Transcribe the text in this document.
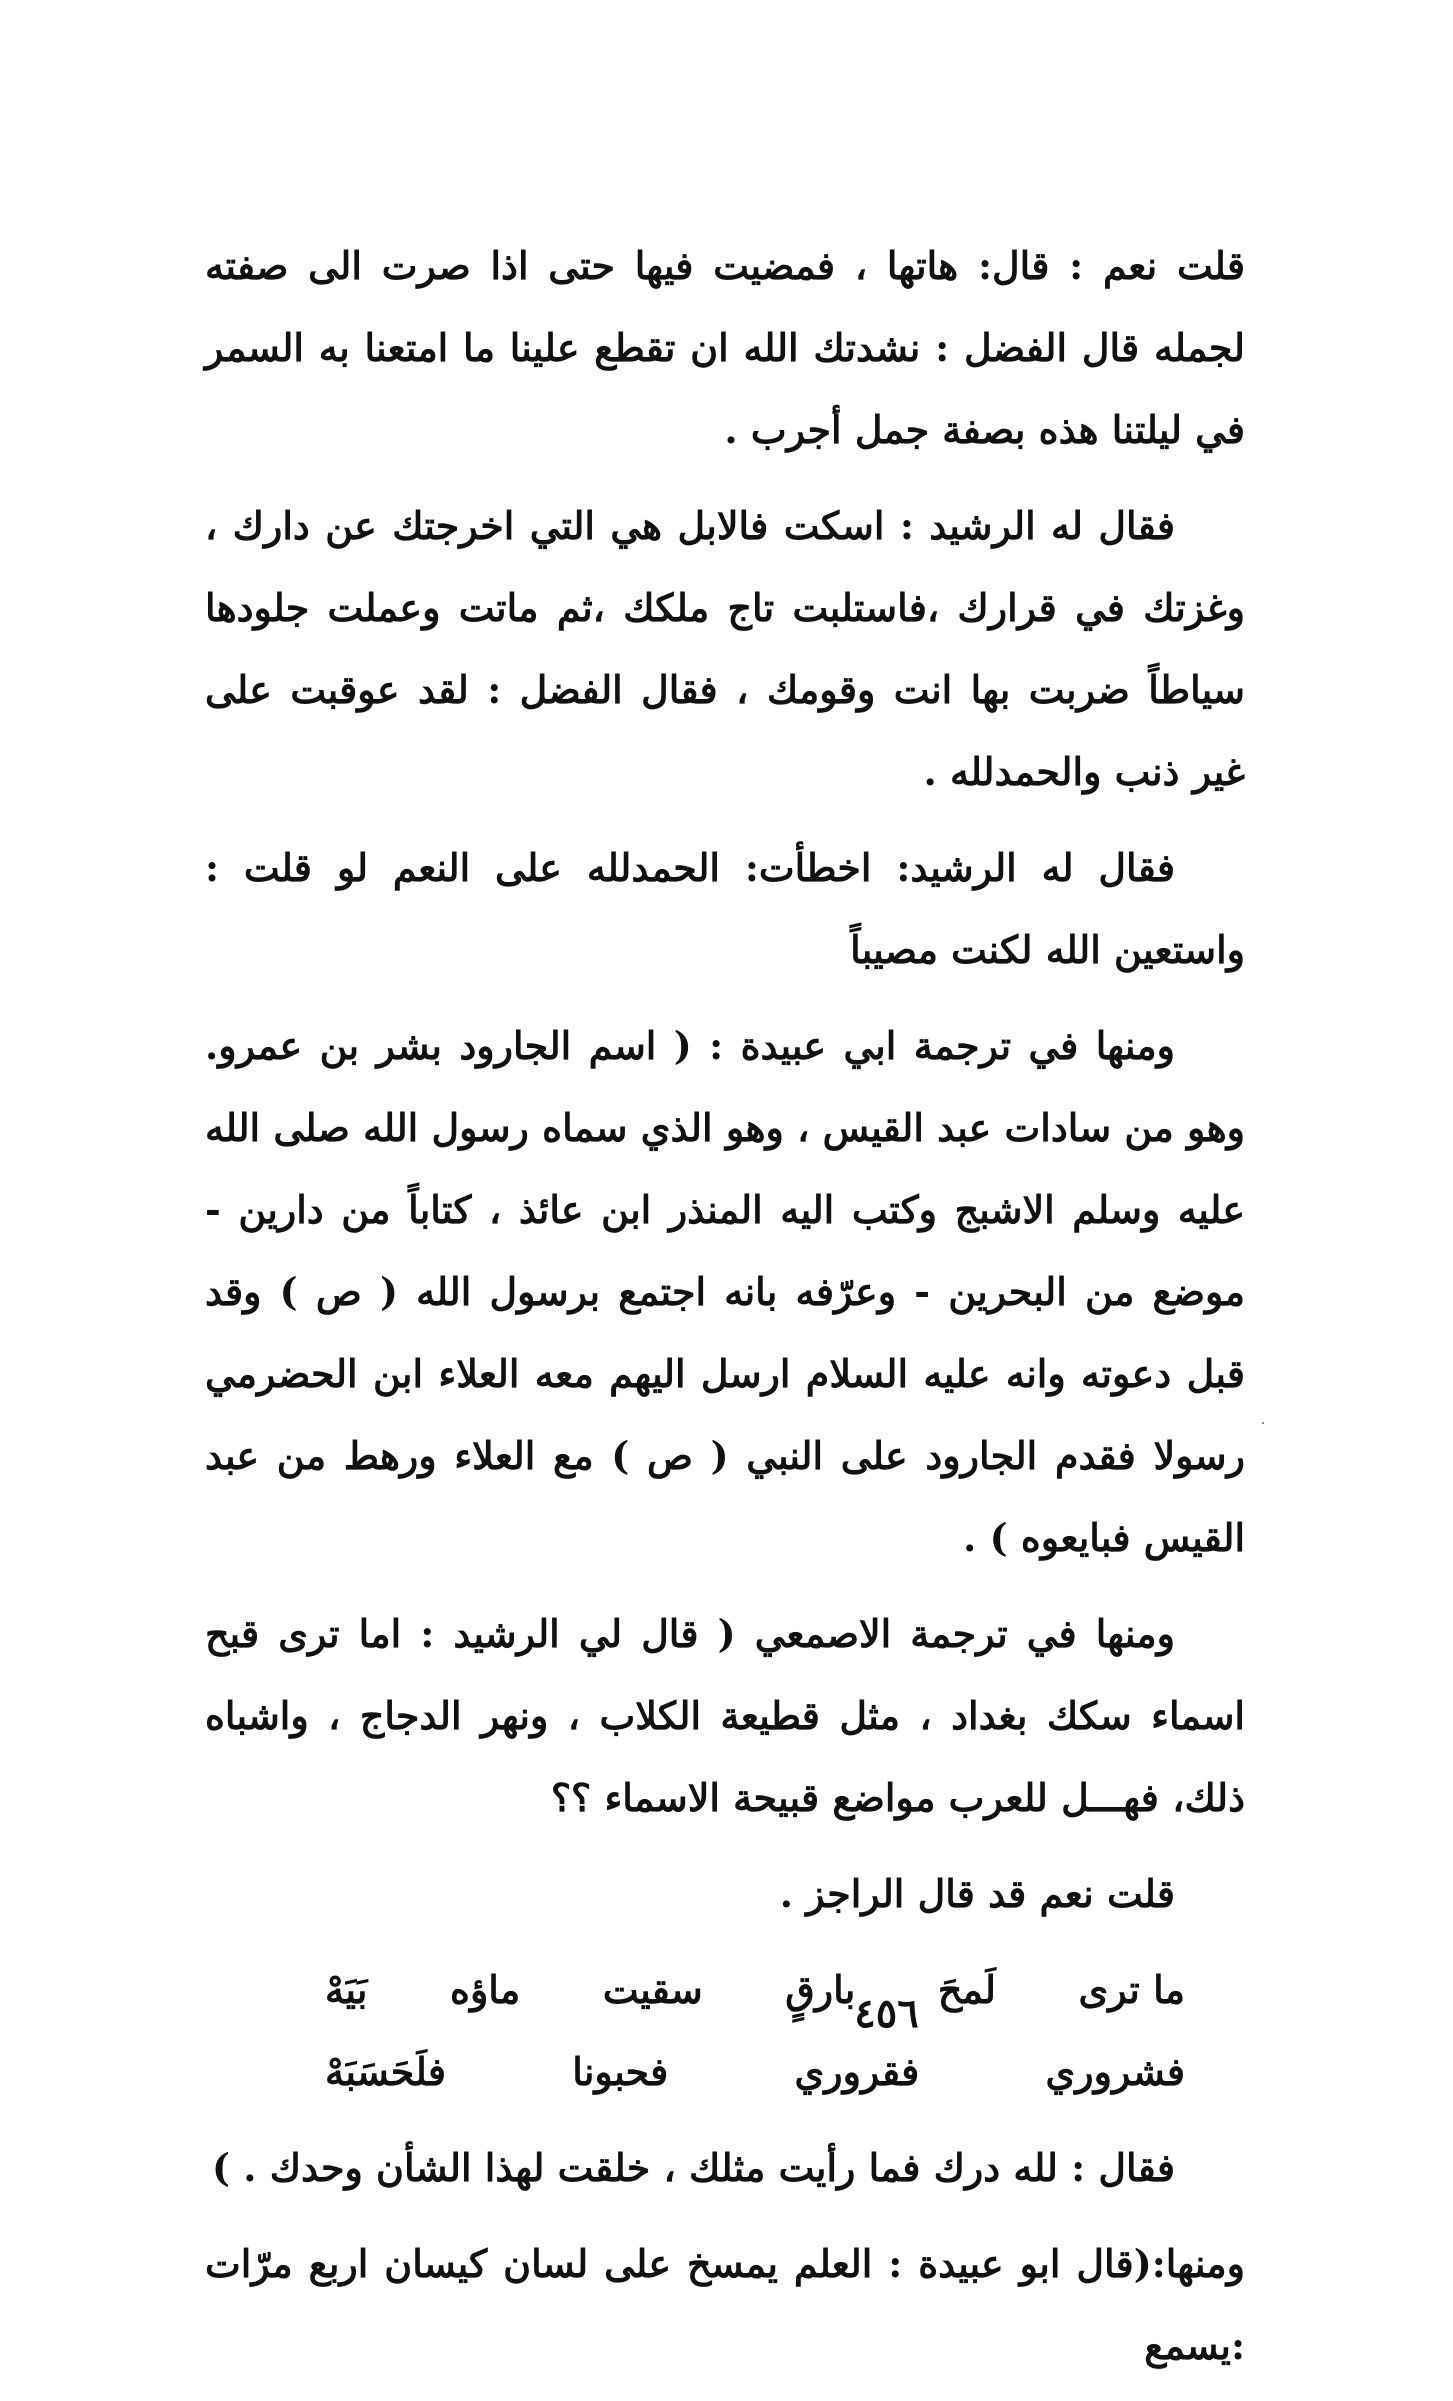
قلت نعم : قال: هاتها ، فمضيت فيها حتى اذا صرت الى صفته لجمله قال الفضل : نشدتك الله ان تقطع علينا ما امتعنا به السمر في ليلتنا هذه بصفة جمل أجرب .

فقال له الرشيد : اسكت فالابل هي التي اخرجتك عن دارك ، وغزتك في قرارك ،فاستلبت تاج ملكك ،ثم ماتت وعملت جلودها سياطاً ضربت بها انت وقومك ، فقال الفضل : لقد عوقبت على غير ذنب والحمدلله .

فقال له الرشيد: اخطأت: الحمدلله على النعم لو قلت : واستعين الله لكنت مصيباً

ومنها في ترجمة ابي عبيدة : ( اسم الجارود بشر بن عمرو. وهو من سادات عبد القيس ، وهو الذي سماه رسول الله صلى الله عليه وسلم الاشبج وكتب اليه المنذر ابن عائذ ، كتاباً من دارين - موضع من البحرين - وعرّفه بانه اجتمع برسول الله ( ص ) وقد قبل دعوته وانه عليه السلام ارسل اليهم معه العلاء ابن الحضرمي رسولا فقدم الجارود على النبي ( ص ) مع العلاء ورهط من عبد القيس فبايعوه ) .

ومنها في ترجمة الاصمعي ( قال لي الرشيد : اما ترى قبح اسماء سكك بغداد ، مثل قطيعة الكلاب ، ونهر الدجاج ، واشباه ذلك، فهـــل للعرب مواضع قبيحة الاسماء ؟؟

قلت نعم قد قال الراجز .

ما ترى
لَمحَ
بارقٍ
سقيت
ماؤه
بَيَهْ
فشروري
فقروري
فحبونا
فلَحَسَبَهْ

فقال : لله درك فما رأيت مثلك ، خلقت لهذا الشأن وحدك . )

ومنها:(قال ابو عبيدة : العلم يمسخ على لسان كيسان اربع مرّات :يسمع

٤٥٦
